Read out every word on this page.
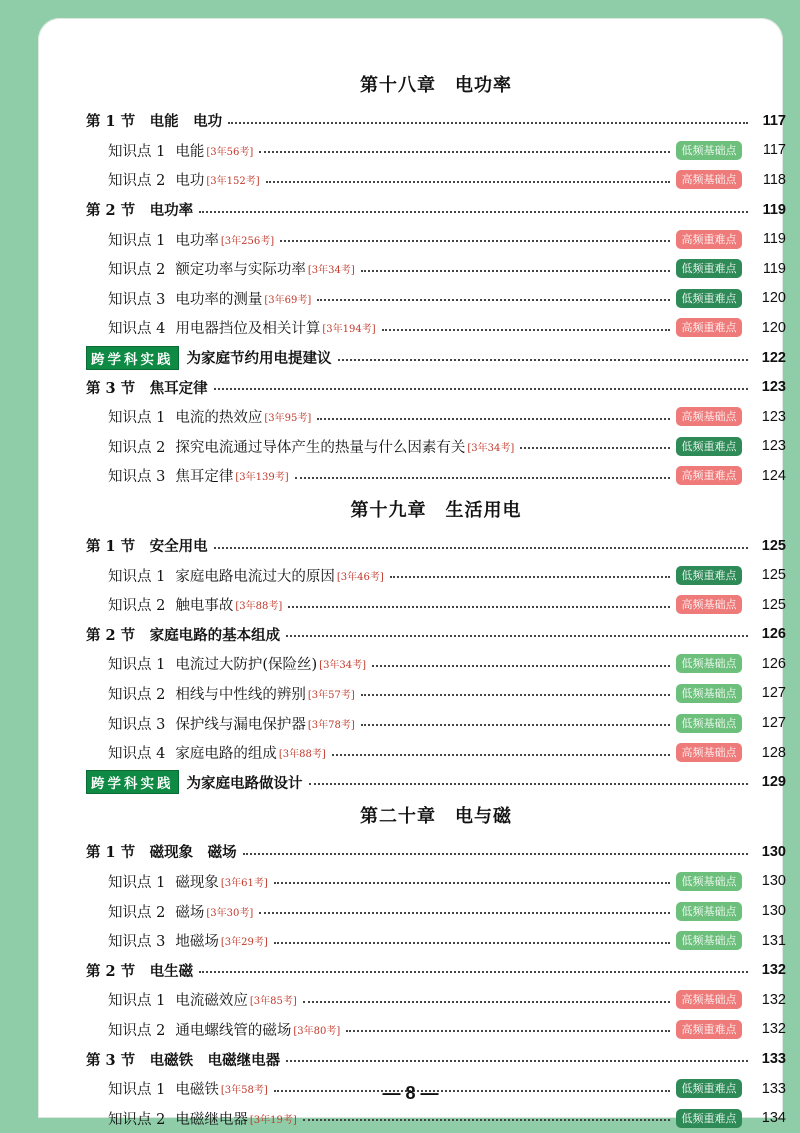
第十八章　电功率
第 1 节　电能　电功	117
知识点 1 电能 [3年56考]	低频基础点	117
知识点 2 电功 [3年152考]	高频基础点	118
第 2 节　电功率	119
知识点 1 电功率 [3年256考]	高频重难点	119
知识点 2 额定功率与实际功率 [3年34考]	低频重难点	119
知识点 3 电功率的测量 [3年69考]	低频重难点	120
知识点 4 用电器挡位及相关计算 [3年194考]	高频重难点	120
跨学科实践 为家庭节约用电提建议	122
第 3 节　焦耳定律	123
知识点 1 电流的热效应 [3年95考]	高频基础点	123
知识点 2 探究电流通过导体产生的热量与什么因素有关 [3年34考]	低频重难点	123
知识点 3 焦耳定律 [3年139考]	高频重难点	124
第十九章　生活用电
第 1 节　安全用电	125
知识点 1 家庭电路电流过大的原因 [3年46考]	低频重难点	125
知识点 2 触电事故 [3年88考]	高频基础点	125
第 2 节　家庭电路的基本组成	126
知识点 1 电流过大防护(保险丝) [3年34考]	低频基础点	126
知识点 2 相线与中性线的辨别 [3年57考]	低频基础点	127
知识点 3 保护线与漏电保护器 [3年78考]	低频基础点	127
知识点 4 家庭电路的组成 [3年88考]	高频基础点	128
跨学科实践 为家庭电路做设计	129
第二十章　电与磁
第 1 节　磁现象　磁场	130
知识点 1 磁现象 [3年61考]	低频基础点	130
知识点 2 磁场 [3年30考]	低频基础点	130
知识点 3 地磁场 [3年29考]	低频基础点	131
第 2 节　电生磁	132
知识点 1 电流磁效应 [3年85考]	高频基础点	132
知识点 2 通电螺线管的磁场 [3年80考]	高频重难点	132
第 3 节　电磁铁　电磁继电器	133
知识点 1 电磁铁 [3年58考]	低频重难点	133
知识点 2 电磁继电器 [3年19考]	低频重难点	134
— 8 —
